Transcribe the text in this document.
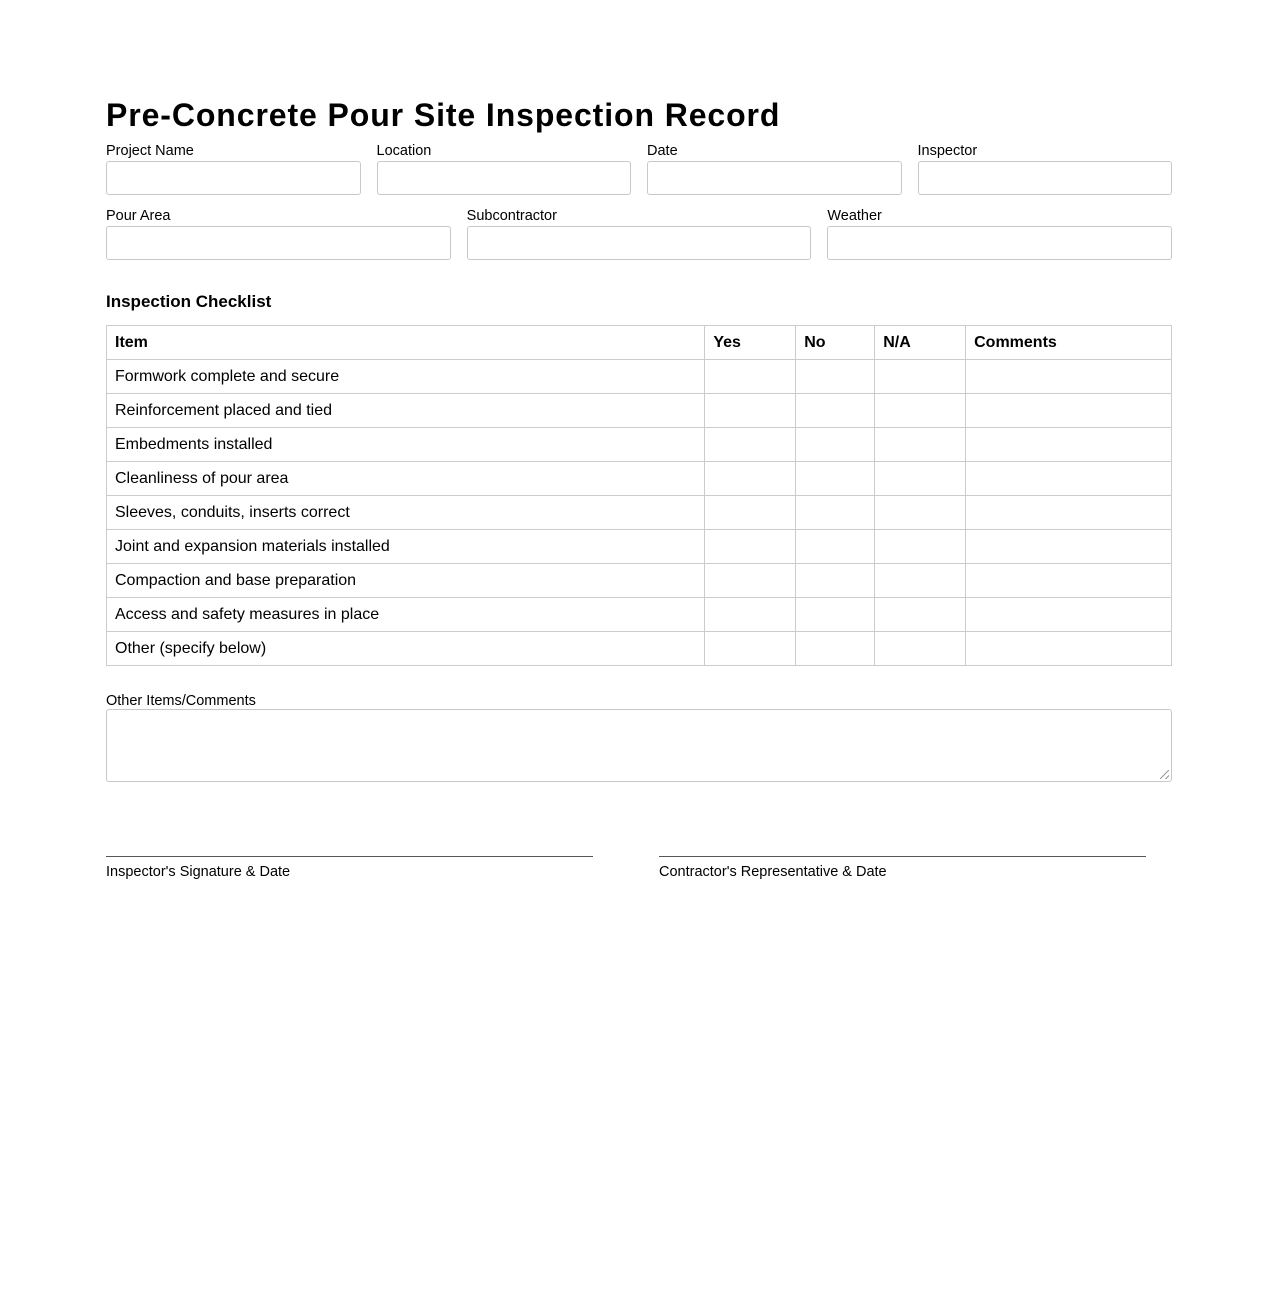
Pre-Concrete Pour Site Inspection Record
Project Name	Location	Date	Inspector
Pour Area	Subcontractor	Weather
Inspection Checklist
Item	Yes	No	N/A	Comments
Formwork complete and secure				
Reinforcement placed and tied				
Embedments installed				
Cleanliness of pour area				
Sleeves, conduits, inserts correct				
Joint and expansion materials installed				
Compaction and base preparation				
Access and safety measures in place				
Other (specify below)				
Other Items/Comments
Inspector's Signature & Date	Contractor's Representative & Date
